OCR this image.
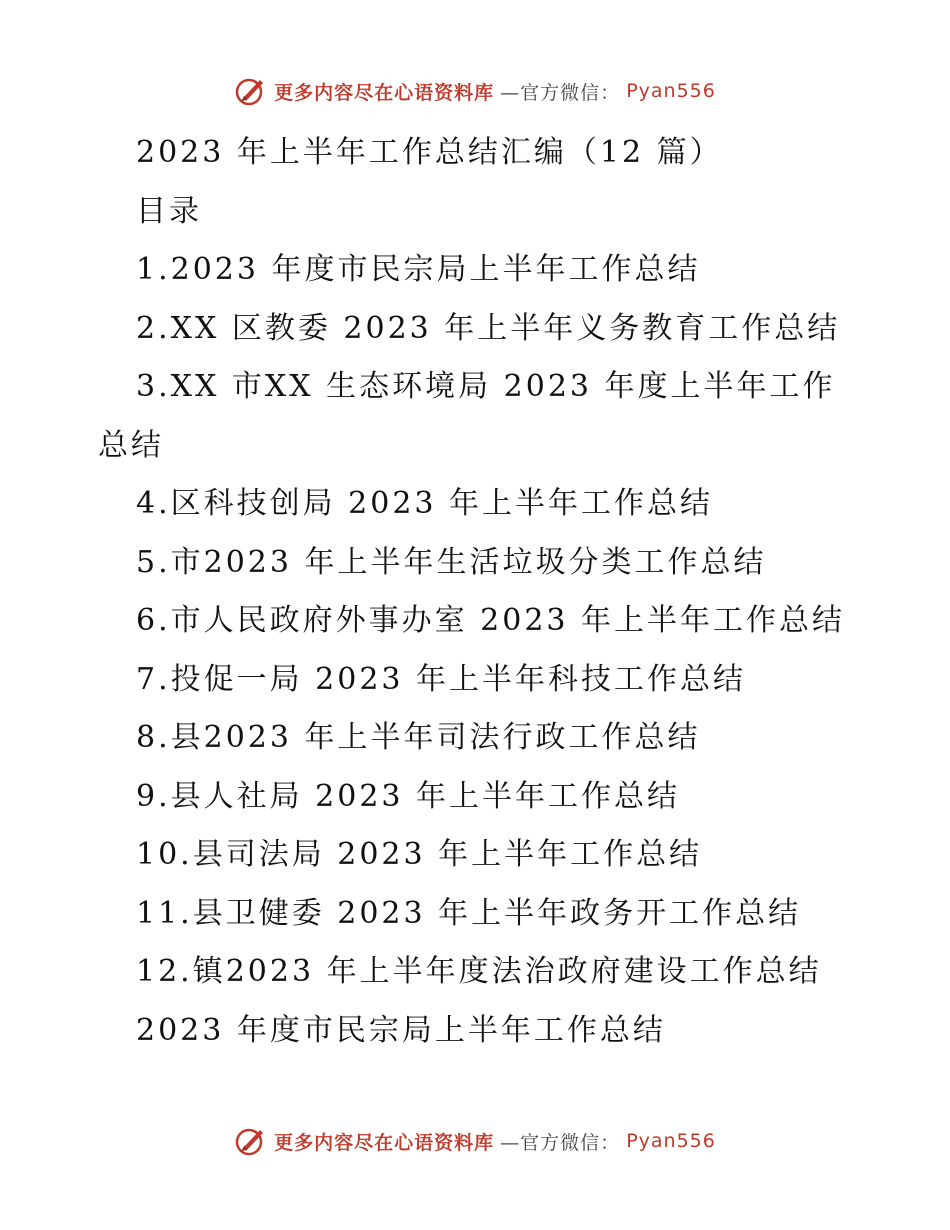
更多内容尽在心语资料库 —官方微信： Pyan556
2023 年上半年工作总结汇编（12 篇）
目录
1.2023 年度市民宗局上半年工作总结
2.XX 区教委 2023 年上半年义务教育工作总结
3.XX 市XX 生态环境局 2023 年度上半年工作总结
4.区科技创局 2023 年上半年工作总结
5.市2023 年上半年生活垃圾分类工作总结
6.市人民政府外事办室 2023 年上半年工作总结
7.投促一局 2023 年上半年科技工作总结
8.县2023 年上半年司法行政工作总结
9.县人社局 2023 年上半年工作总结
10.县司法局 2023 年上半年工作总结
11.县卫健委 2023 年上半年政务开工作总结
12.镇2023 年上半年度法治政府建设工作总结
2023 年度市民宗局上半年工作总结
更多内容尽在心语资料库 —官方微信： Pyan556
